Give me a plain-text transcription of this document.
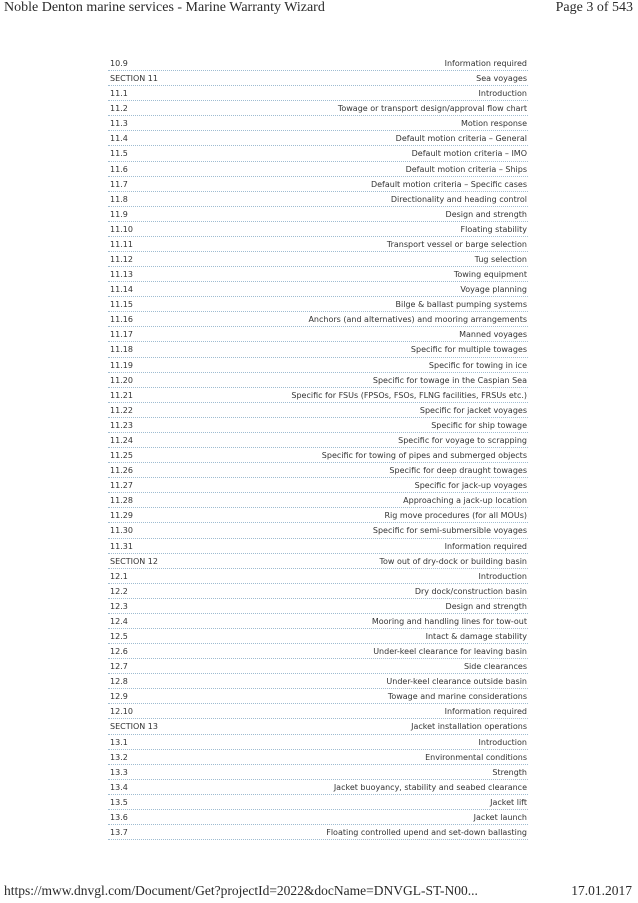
Noble Denton marine services - Marine Warranty Wizard	Page 3 of 543
10.9	Information required
SECTION 11	Sea voyages
11.1	Introduction
11.2	Towage or transport design/approval flow chart
11.3	Motion response
11.4	Default motion criteria – General
11.5	Default motion criteria – IMO
11.6	Default motion criteria – Ships
11.7	Default motion criteria – Specific cases
11.8	Directionality and heading control
11.9	Design and strength
11.10	Floating stability
11.11	Transport vessel or barge selection
11.12	Tug selection
11.13	Towing equipment
11.14	Voyage planning
11.15	Bilge & ballast pumping systems
11.16	Anchors (and alternatives) and mooring arrangements
11.17	Manned voyages
11.18	Specific for multiple towages
11.19	Specific for towing in ice
11.20	Specific for towage in the Caspian Sea
11.21	Specific for FSUs (FPSOs, FSOs, FLNG facilities, FRSUs etc.)
11.22	Specific for jacket voyages
11.23	Specific for ship towage
11.24	Specific for voyage to scrapping
11.25	Specific for towing of pipes and submerged objects
11.26	Specific for deep draught towages
11.27	Specific for jack-up voyages
11.28	Approaching a jack-up location
11.29	Rig move procedures (for all MOUs)
11.30	Specific for semi-submersible voyages
11.31	Information required
SECTION 12	Tow out of dry-dock or building basin
12.1	Introduction
12.2	Dry dock/construction basin
12.3	Design and strength
12.4	Mooring and handling lines for tow-out
12.5	Intact & damage stability
12.6	Under-keel clearance for leaving basin
12.7	Side clearances
12.8	Under-keel clearance outside basin
12.9	Towage and marine considerations
12.10	Information required
SECTION 13	Jacket installation operations
13.1	Introduction
13.2	Environmental conditions
13.3	Strength
13.4	Jacket buoyancy, stability and seabed clearance
13.5	Jacket lift
13.6	Jacket launch
13.7	Floating controlled upend and set-down ballasting
https://mww.dnvgl.com/Document/Get?projectId=2022&docName=DNVGL-ST-N00...	17.01.2017
